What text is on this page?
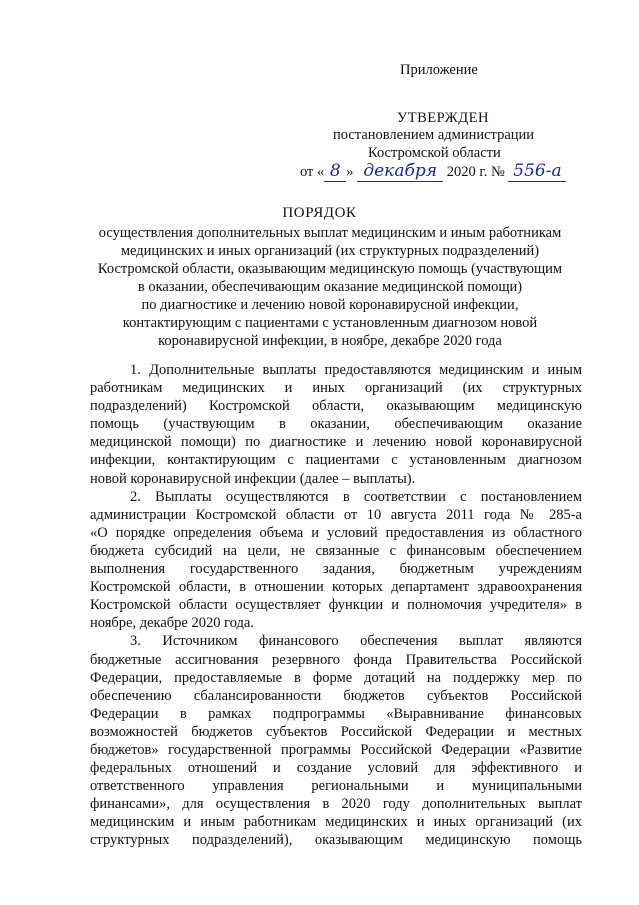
Приложение
УТВЕРЖДЕН
постановлением администрации
Костромской области
от « 8 » декабря 2020 г. № 556-а
ПОРЯДОК
осуществления дополнительных выплат медицинским и иным работникам
медицинских и иных организаций (их структурных подразделений)
Костромской области, оказывающим медицинскую помощь (участвующим
в оказании, обеспечивающим оказание медицинской помощи)
по диагностике и лечению новой коронавирусной инфекции,
контактирующим с пациентами с установленным диагнозом новой
коронавирусной инфекции, в ноябре, декабре 2020 года
1. Дополнительные выплаты предоставляются медицинским и иным
работникам медицинских и иных организаций (их структурных
подразделений) Костромской области, оказывающим медицинскую
помощь (участвующим в оказании, обеспечивающим оказание
медицинской помощи) по диагностике и лечению новой коронавирусной
инфекции, контактирующим с пациентами с установленным диагнозом
новой коронавирусной инфекции (далее – выплаты).
2. Выплаты осуществляются в соответствии с постановлением
администрации Костромской области от 10 августа 2011 года № 285-а
«О порядке определения объема и условий предоставления из областного
бюджета субсидий на цели, не связанные с финансовым обеспечением
выполнения государственного задания, бюджетным учреждениям
Костромской области, в отношении которых департамент здравоохранения
Костромской области осуществляет функции и полномочия учредителя» в
ноябре, декабре 2020 года.
3. Источником финансового обеспечения выплат являются
бюджетные ассигнования резервного фонда Правительства Российской
Федерации, предоставляемые в форме дотаций на поддержку мер по
обеспечению сбалансированности бюджетов субъектов Российской
Федерации в рамках подпрограммы «Выравнивание финансовых
возможностей бюджетов субъектов Российской Федерации и местных
бюджетов» государственной программы Российской Федерации «Развитие
федеральных отношений и создание условий для эффективного и
ответственного управления региональными и муниципальными
финансами», для осуществления в 2020 году дополнительных выплат
медицинским и иным работникам медицинских и иных организаций (их
структурных подразделений), оказывающим медицинскую помощь
